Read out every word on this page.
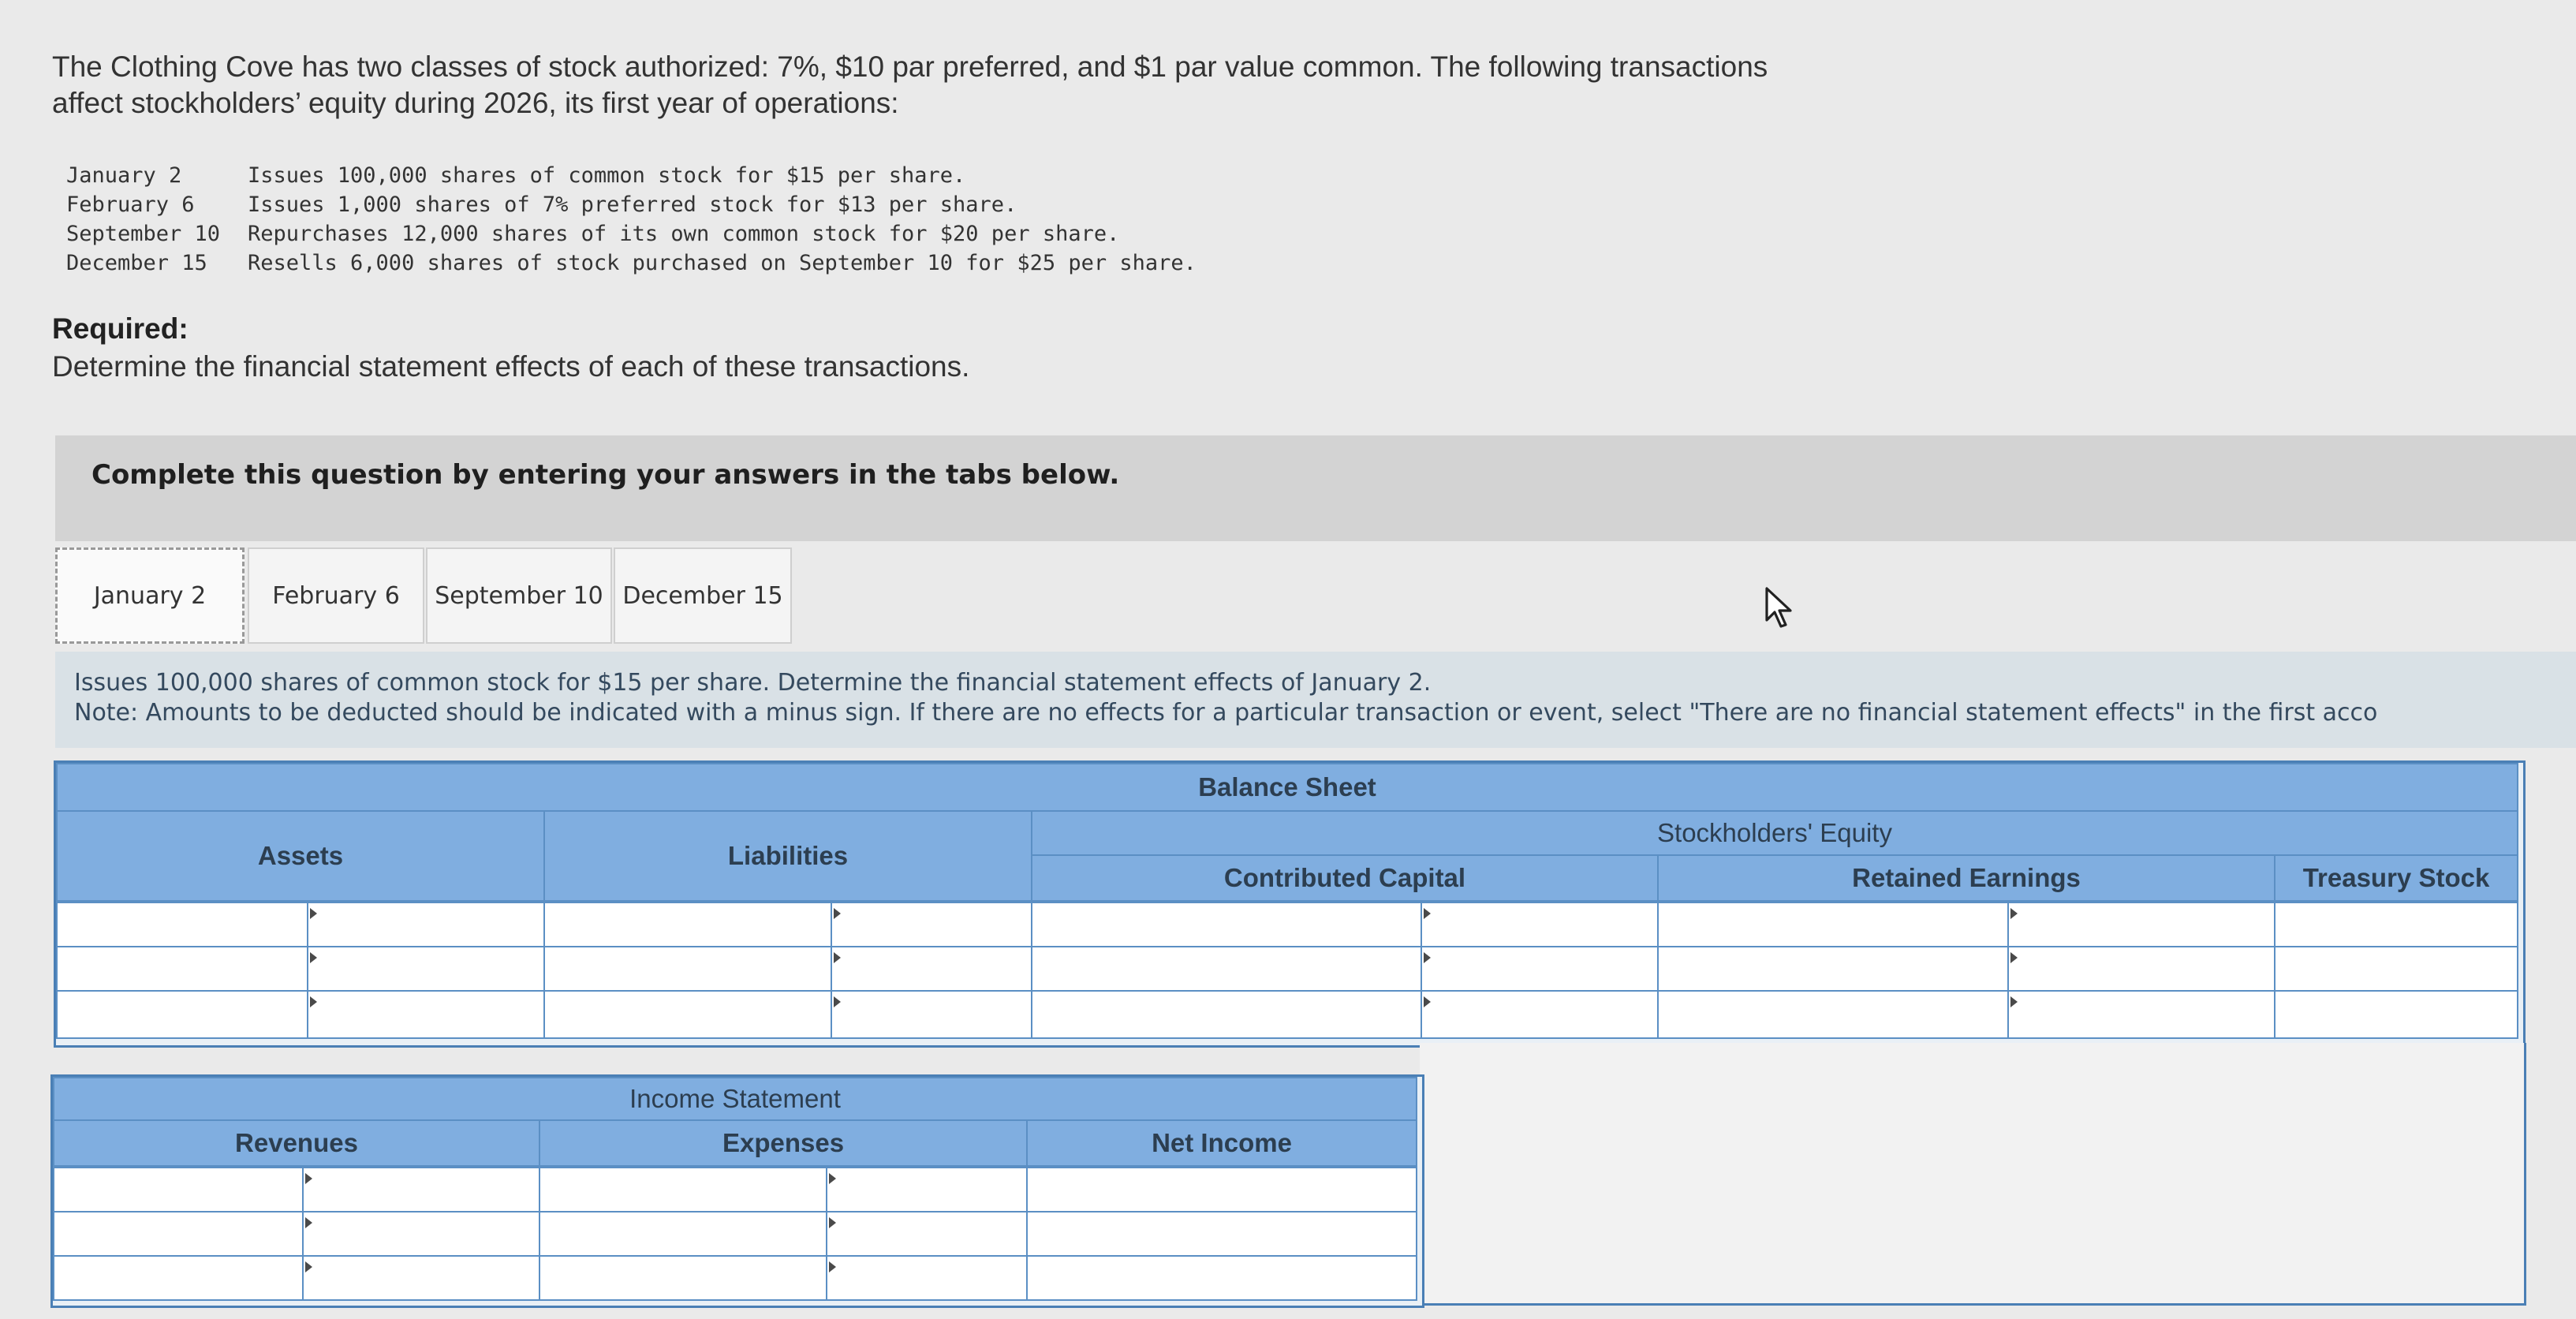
The Clothing Cove has two classes of stock authorized: 7%, $10 par preferred, and $1 par value common. The following transactions
affect stockholders’ equity during 2026, its first year of operations:
January 2	Issues 100,000 shares of common stock for $15 per share.
February 6	Issues 1,000 shares of 7% preferred stock for $13 per share.
September 10	Repurchases 12,000 shares of its own common stock for $20 per share.
December 15	Resells 6,000 shares of stock purchased on September 10 for $25 per share.
Required:
Determine the financial statement effects of each of these transactions.
Complete this question by entering your answers in the tabs below.
January 2	February 6	September 10 December 15
Issues 100,000 shares of common stock for $15 per share. Determine the financial statement effects of January 2.
Note: Amounts to be deducted should be indicated with a minus sign. If there are no effects for a particular transaction or event, select "There are no financial statement effects" in the first acco
Balance Sheet
Assets	Liabilities
Stockholders' Equity
Contributed Capital	Retained Earnings	Treasury Stock
Income Statement
Revenues	Expenses	Net Income
